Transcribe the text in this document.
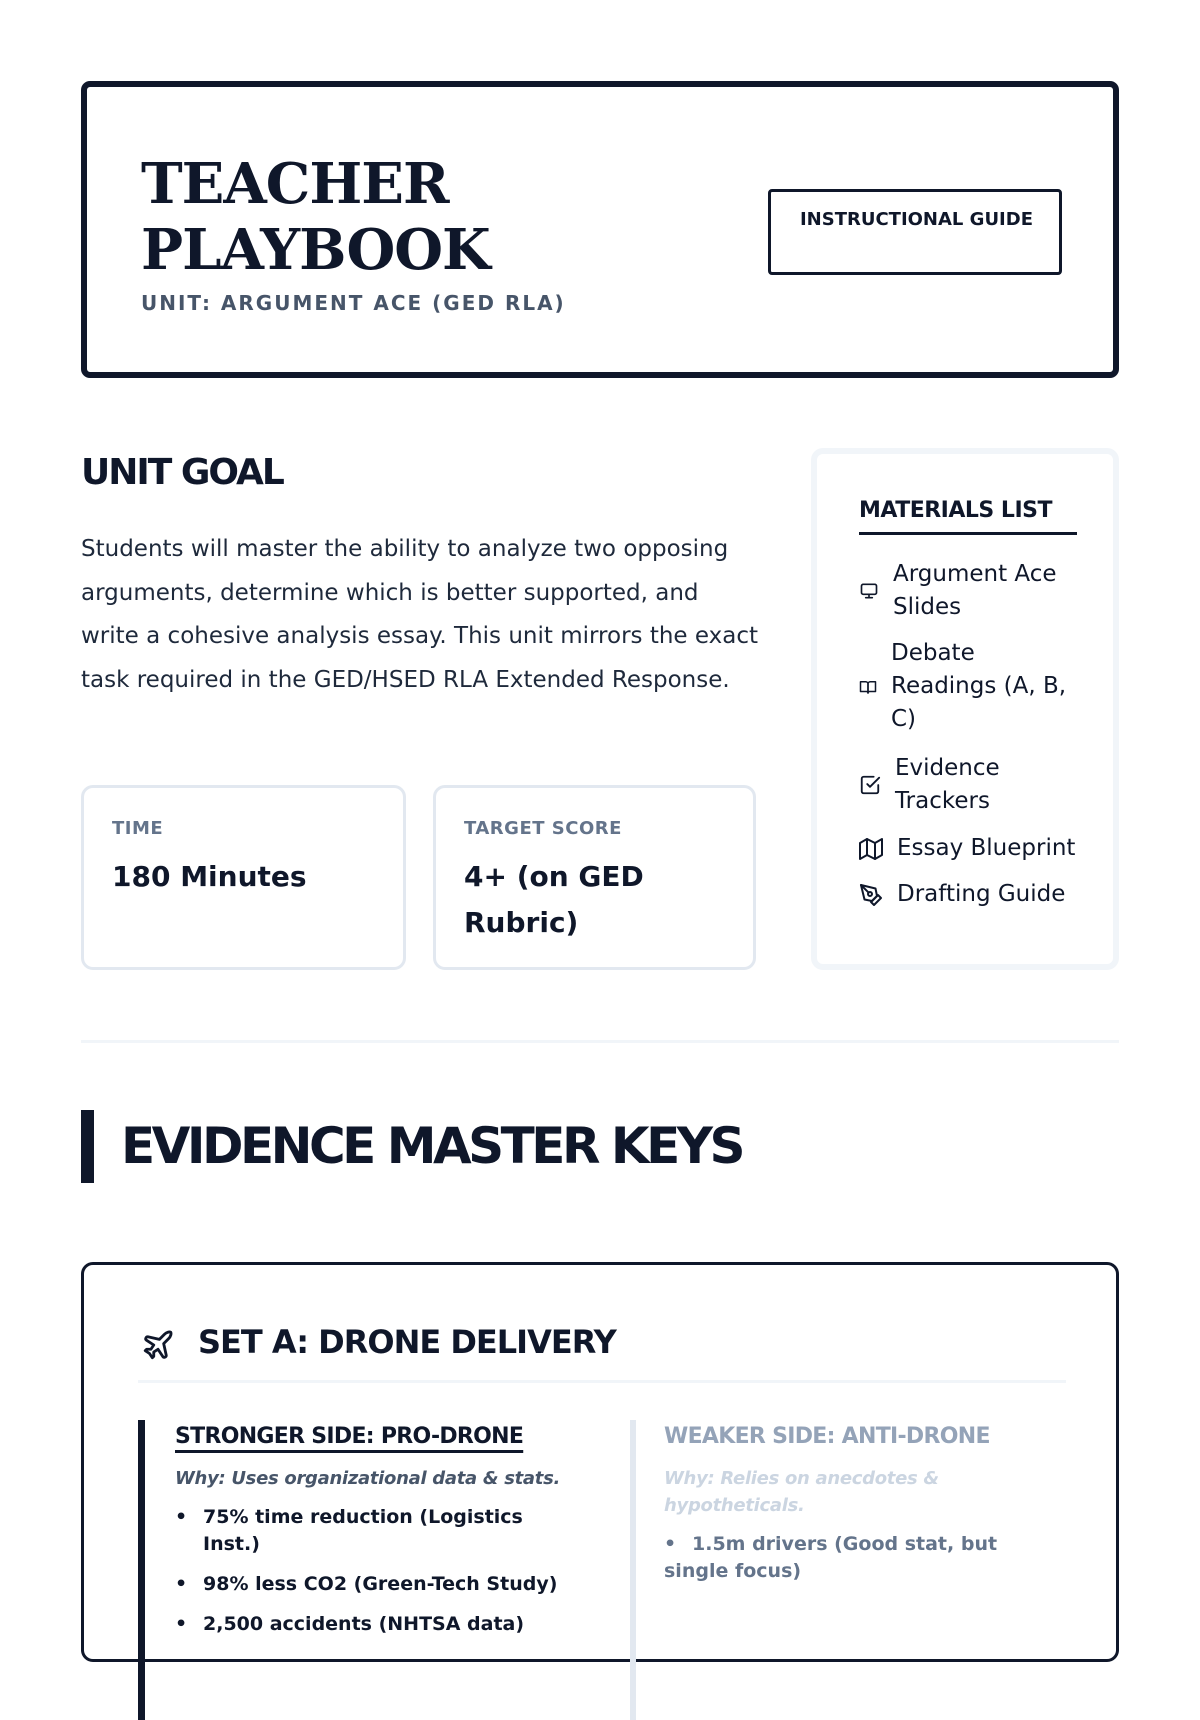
TEACHER PLAYBOOK
UNIT: ARGUMENT ACE (GED RLA)
INSTRUCTIONAL GUIDE
UNIT GOAL
Students will master the ability to analyze two opposing arguments, determine which is better supported, and write a cohesive analysis essay. This unit mirrors the exact task required in the GED/HSED RLA Extended Response.
TIME
180 Minutes
TARGET SCORE
4+ (on GED Rubric)
MATERIALS LIST
Argument Ace Slides
Debate Readings (A, B, C)
Evidence Trackers
Essay Blueprint
Drafting Guide
EVIDENCE MASTER KEYS
SET A: DRONE DELIVERY
STRONGER SIDE: PRO-DRONE
Why: Uses organizational data & stats.
• 75% time reduction (Logistics Inst.)
• 98% less CO2 (Green-Tech Study)
• 2,500 accidents (NHTSA data)
WEAKER SIDE: ANTI-DRONE
Why: Relies on anecdotes & hypotheticals.
• 1.5m drivers (Good stat, but single focus)
